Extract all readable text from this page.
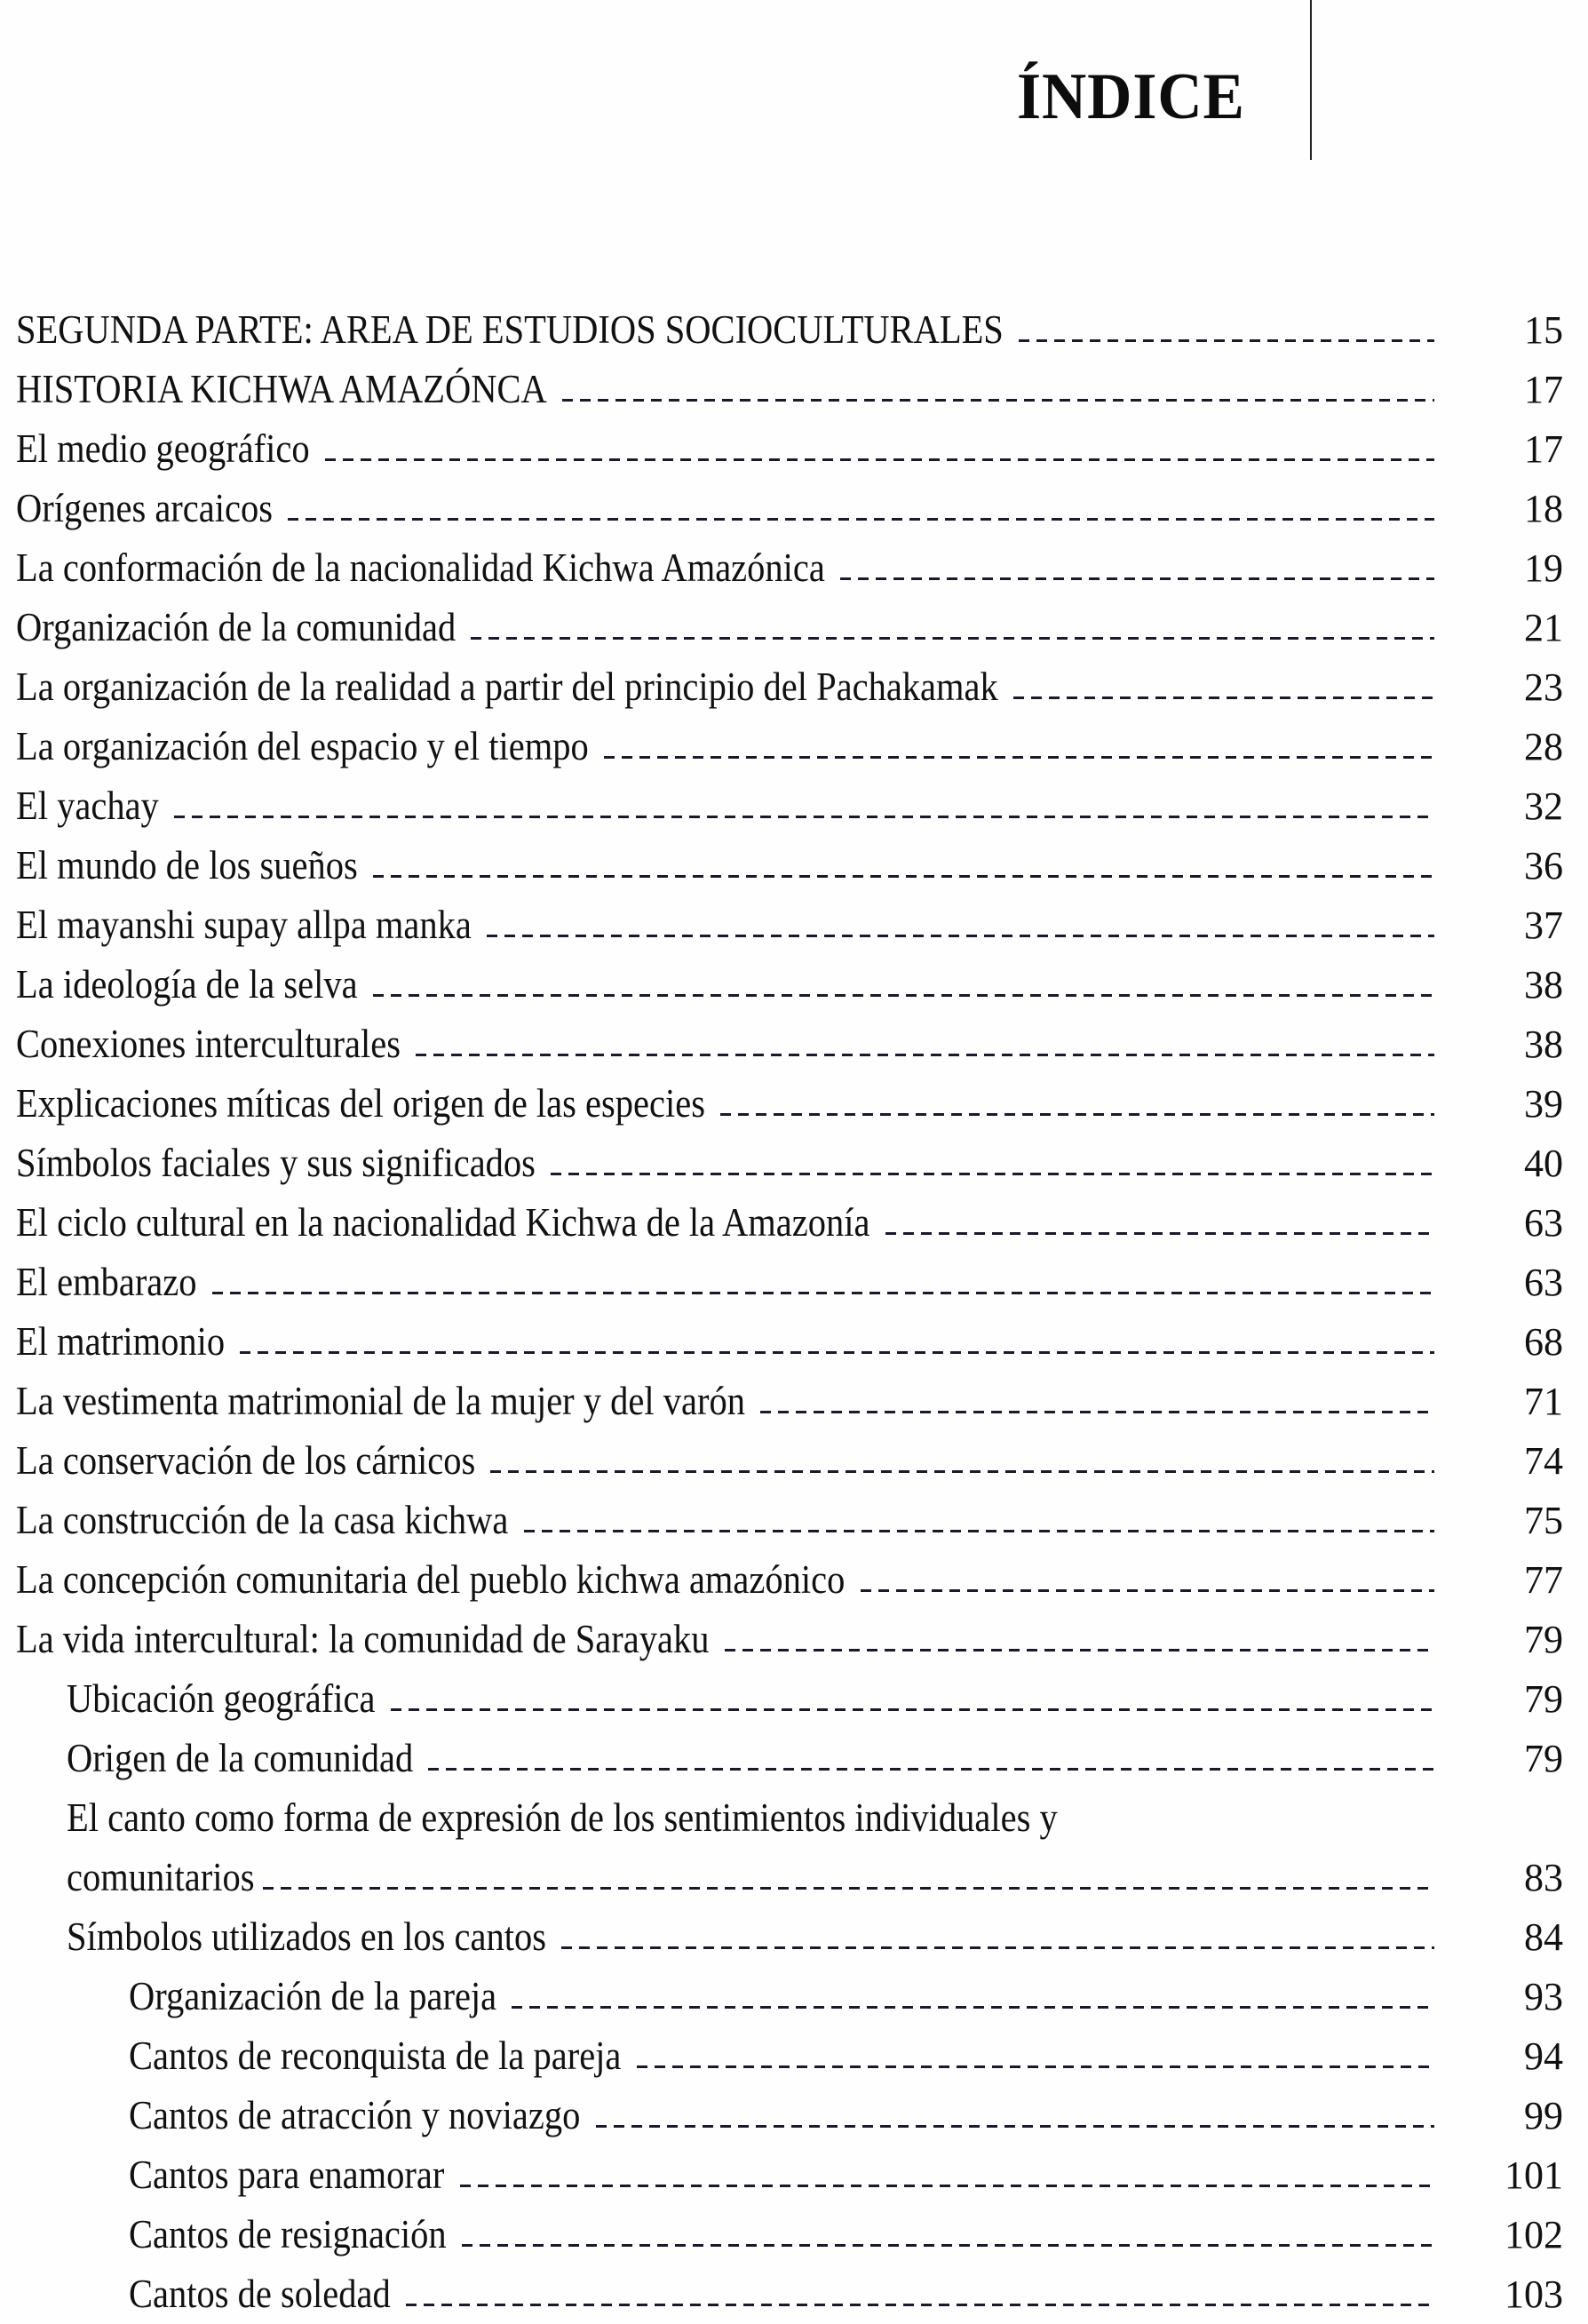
ÍNDICE
SEGUNDA PARTE: AREA DE ESTUDIOS SOCIOCULTURALES	15
HISTORIA KICHWA AMAZÓNCA	17
El medio geográfico	17
Orígenes arcaicos	18
La conformación de la nacionalidad Kichwa Amazónica	19
Organización de la comunidad	21
La organización de la realidad a partir del principio del Pachakamak	23
La organización del espacio y el tiempo	28
El yachay	32
El mundo de los sueños	36
El mayanshi supay allpa manka	37
La ideología de la selva	38
Conexiones interculturales	38
Explicaciones míticas del origen de las especies	39
Símbolos faciales y sus significados	40
El ciclo cultural en la nacionalidad Kichwa de la Amazonía	63
El embarazo	63
El matrimonio	68
La vestimenta matrimonial de la mujer y del varón	71
La conservación de los cárnicos	74
La construcción de la casa kichwa	75
La concepción comunitaria del pueblo kichwa amazónico	77
La vida intercultural: la comunidad de Sarayaku	79
Ubicación geográfica	79
Origen de la comunidad	79
El canto como forma de expresión de los sentimientos individuales y
comunitarios	83
Símbolos utilizados en los cantos	84
Organización de la pareja	93
Cantos de reconquista de la pareja	94
Cantos de atracción y noviazgo	99
Cantos para enamorar	101
Cantos de resignación	102
Cantos de soledad	103
